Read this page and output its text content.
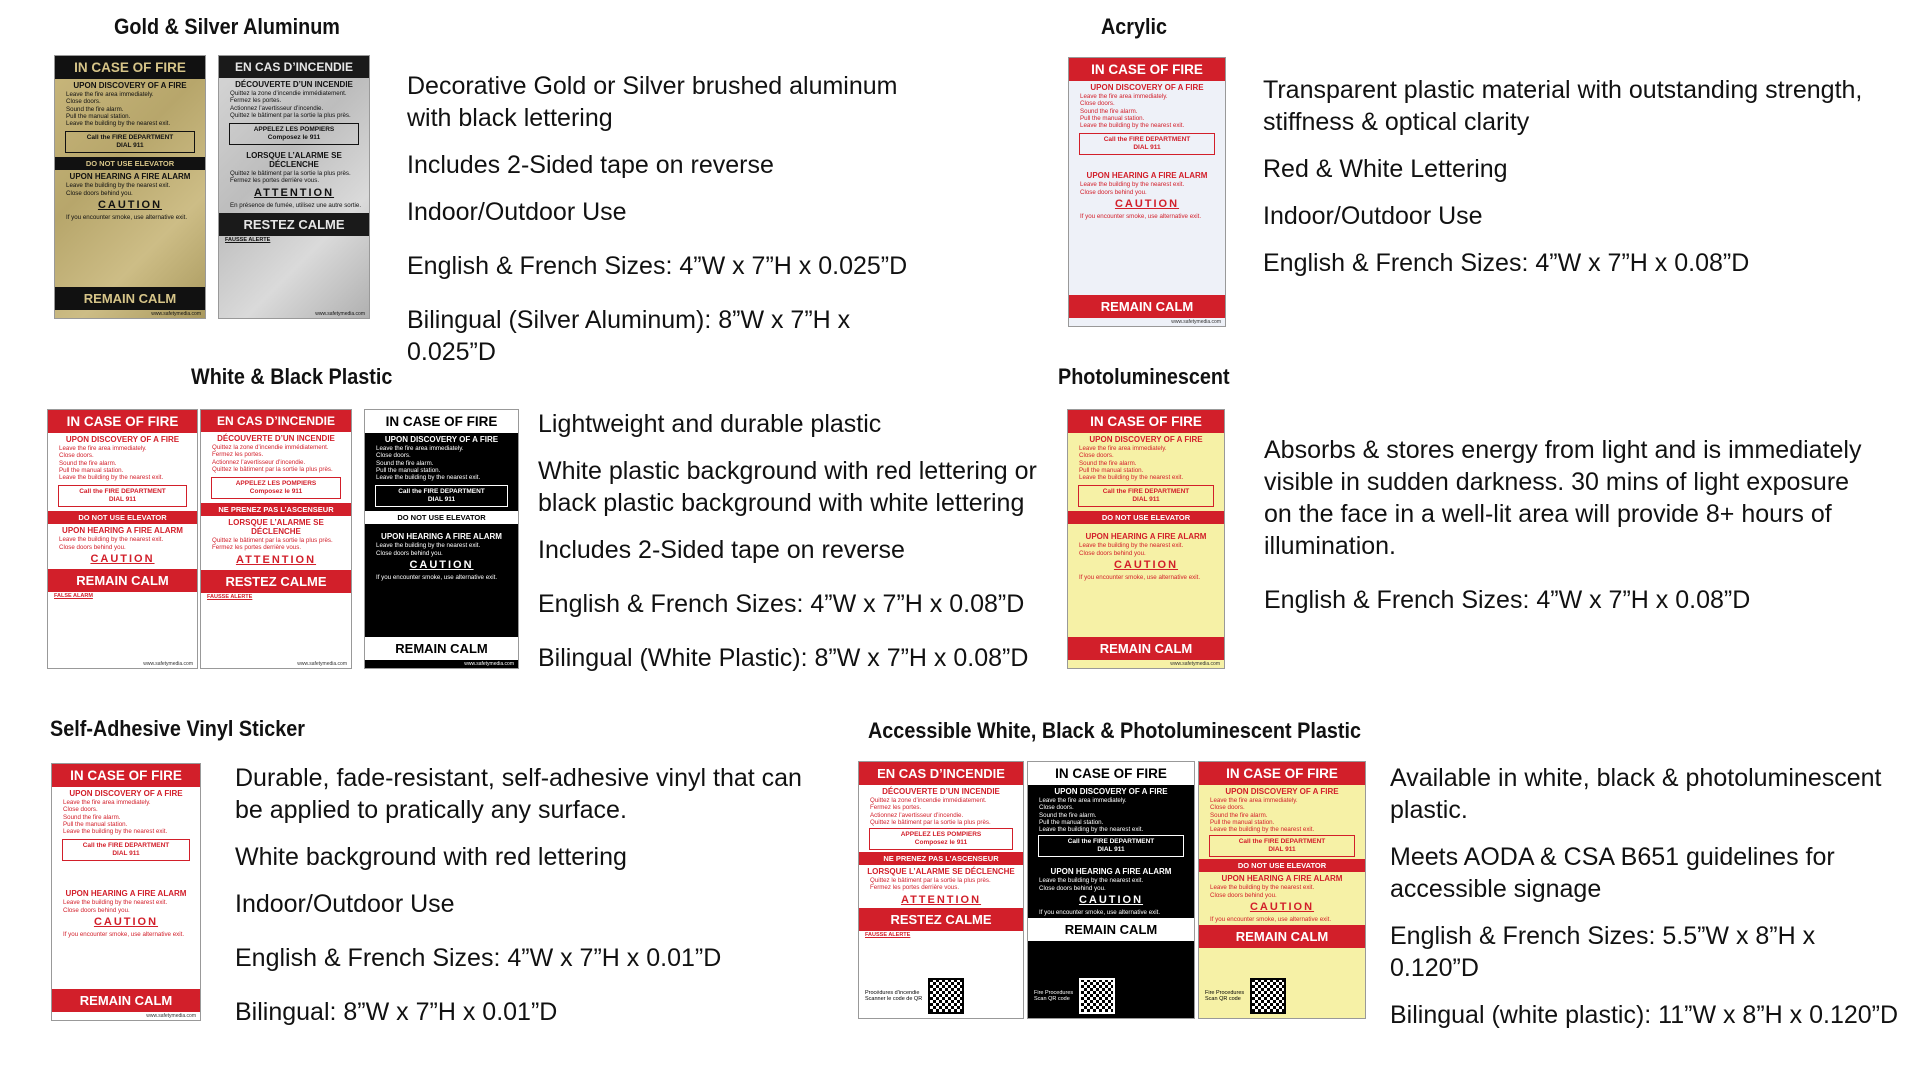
Gold & Silver Aluminum	Acrylic
White & Black Plastic	Photoluminescent
Self-Adhesive Vinyl Sticker	Accessible White, Black & Photoluminescent Plastic

Decorative Gold or Silver brushed aluminum with black lettering

Includes 2-Sided tape on reverse

Indoor/Outdoor Use

English & French Sizes: 4”W x 7”H x 0.025”D

Bilingual (Silver Aluminum): 8”W x 7”H x 0.025”D

Transparent plastic material with outstanding strength, stiffness & optical clarity

Red & White Lettering

Indoor/Outdoor Use

English & French Sizes: 4”W x 7”H x 0.08”D

Lightweight and durable plastic

White plastic background with red lettering or black plastic background with white lettering

Includes 2-Sided tape on reverse

English & French Sizes: 4”W x 7”H x 0.08”D

Bilingual (White Plastic): 8”W x 7”H x 0.08”D

Absorbs & stores energy from light and is immediately visible in sudden darkness. 30 mins of light exposure on the face in a well-lit area will provide 8+ hours of illumination.

English & French Sizes: 4”W x 7”H x 0.08”D

Durable, fade-resistant, self-adhesive vinyl that can be applied to pratically any surface.

White background with red lettering

Indoor/Outdoor Use

English & French Sizes: 4”W x 7”H x 0.01”D

Bilingual: 8”W x 7”H x 0.01”D

Available in white, black & photoluminescent plastic.

Meets AODA & CSA B651 guidelines for accessible signage

English & French Sizes: 5.5”W x 8”H x 0.120”D

Bilingual (white plastic): 11”W x 8”H x 0.120”D

IN CASE OF FIRE
UPON DISCOVERY OF A FIRE
Leave the fire area immediately.
Close doors.
Sound the fire alarm.
Pull the manual station.
Leave the building by the nearest exit.
Call the FIRE DEPARTMENT
DIAL 911
DO NOT USE ELEVATOR
UPON HEARING A FIRE ALARM
Leave the building by the nearest exit.
Close doors behind you.
CAUTION
If you encounter smoke, use alternative exit.
REMAIN CALM
www.safetymedia.com
EN CAS D’INCENDIE
DÉCOUVERTE D’UN INCENDIE
Quittez la zone d’incendie immédiatement.
Fermez les portes.
Actionnez l’avertisseur d’incendie.
Quittez le bâtiment par la sortie la plus près.
APPELEZ LES POMPIERS
Composez le 911
LORSQUE L’ALARME SE DÉCLENCHE
Quittez le bâtiment par la sortie la plus près.
Fermez les portes derrière vous.
ATTENTION
En présence de fumée, utilisez une autre sortie.
RESTEZ CALME
FAUSSE ALERTE
www.safetymedia.com
IN CASE OF FIRE
UPON DISCOVERY OF A FIRE
Leave the fire area immediately.
Close doors.
Sound the fire alarm.
Pull the manual station.
Leave the building by the nearest exit.
Call the FIRE DEPARTMENT
DIAL 911
UPON HEARING A FIRE ALARM
Leave the building by the nearest exit.
Close doors behind you.
CAUTION
If you encounter smoke, use alternative exit.
REMAIN CALM
www.safetymedia.com
IN CASE OF FIRE
UPON DISCOVERY OF A FIRE
Leave the fire area immediately.
Close doors.
Sound the fire alarm.
Pull the manual station.
Leave the building by the nearest exit.
Call the FIRE DEPARTMENT
DIAL 911
DO NOT USE ELEVATOR
UPON HEARING A FIRE ALARM
Leave the building by the nearest exit.
Close doors behind you.
CAUTION
REMAIN CALM
FALSE ALARM
www.safetymedia.com
EN CAS D’INCENDIE
DÉCOUVERTE D’UN INCENDIE
Quittez la zone d’incendie immédiatement.
Fermez les portes.
Actionnez l’avertisseur d’incendie.
Quittez le bâtiment par la sortie la plus près.
APPELEZ LES POMPIERS
Composez le 911
NE PRENEZ PAS L’ASCENSEUR
LORSQUE L’ALARME SE DÉCLENCHE
Quittez le bâtiment par la sortie la plus près.
Fermez les portes derrière vous.
ATTENTION
RESTEZ CALME
FAUSSE ALERTE
www.safetymedia.com
IN CASE OF FIRE
UPON DISCOVERY OF A FIRE
Leave the fire area immediately.
Close doors.
Sound the fire alarm.
Pull the manual station.
Leave the building by the nearest exit.
Call the FIRE DEPARTMENT
DIAL 911
DO NOT USE ELEVATOR
UPON HEARING A FIRE ALARM
Leave the building by the nearest exit.
Close doors behind you.
CAUTION
If you encounter smoke, use alternative exit.
REMAIN CALM
www.safetymedia.com
IN CASE OF FIRE
UPON DISCOVERY OF A FIRE
Leave the fire area immediately.
Close doors.
Sound the fire alarm.
Pull the manual station.
Leave the building by the nearest exit.
Call the FIRE DEPARTMENT
DIAL 911
DO NOT USE ELEVATOR
UPON HEARING A FIRE ALARM
Leave the building by the nearest exit.
Close doors behind you.
CAUTION
If you encounter smoke, use alternative exit.
REMAIN CALM
www.safetymedia.com
IN CASE OF FIRE
UPON DISCOVERY OF A FIRE
Leave the fire area immediately.
Close doors.
Sound the fire alarm.
Pull the manual station.
Leave the building by the nearest exit.
Call the FIRE DEPARTMENT
DIAL 911
UPON HEARING A FIRE ALARM
Leave the building by the nearest exit.
Close doors behind you.
CAUTION
If you encounter smoke, use alternative exit.
REMAIN CALM
www.safetymedia.com
EN CAS D’INCENDIE
DÉCOUVERTE D’UN INCENDIE
Quittez la zone d’incendie immédiatement.
Fermez les portes.
Actionnez l’avertisseur d’incendie.
Quittez le bâtiment par la sortie la plus près.
APPELEZ LES POMPIERS
Composez le 911
NE PRENEZ PAS L’ASCENSEUR
LORSQUE L’ALARME SE DÉCLENCHE
Quittez le bâtiment par la sortie la plus près.
Fermez les portes derrière vous.
ATTENTION
RESTEZ CALME
FAUSSE ALERTE
Procédures d’incendie
Scanner le code de QR
IN CASE OF FIRE
UPON DISCOVERY OF A FIRE
Leave the fire area immediately.
Close doors.
Sound the fire alarm.
Pull the manual station.
Leave the building by the nearest exit.
Call the FIRE DEPARTMENT
DIAL 911
UPON HEARING A FIRE ALARM
Leave the building by the nearest exit.
Close doors behind you.
CAUTION
If you encounter smoke, use alternative exit.
REMAIN CALM
Fire Procedures
Scan QR code
IN CASE OF FIRE
UPON DISCOVERY OF A FIRE
Leave the fire area immediately.
Close doors.
Sound the fire alarm.
Pull the manual station.
Leave the building by the nearest exit.
Call the FIRE DEPARTMENT
DIAL 911
DO NOT USE ELEVATOR
UPON HEARING A FIRE ALARM
Leave the building by the nearest exit.
Close doors behind you.
CAUTION
If you encounter smoke, use alternative exit.
REMAIN CALM
Fire Procedures
Scan QR code
